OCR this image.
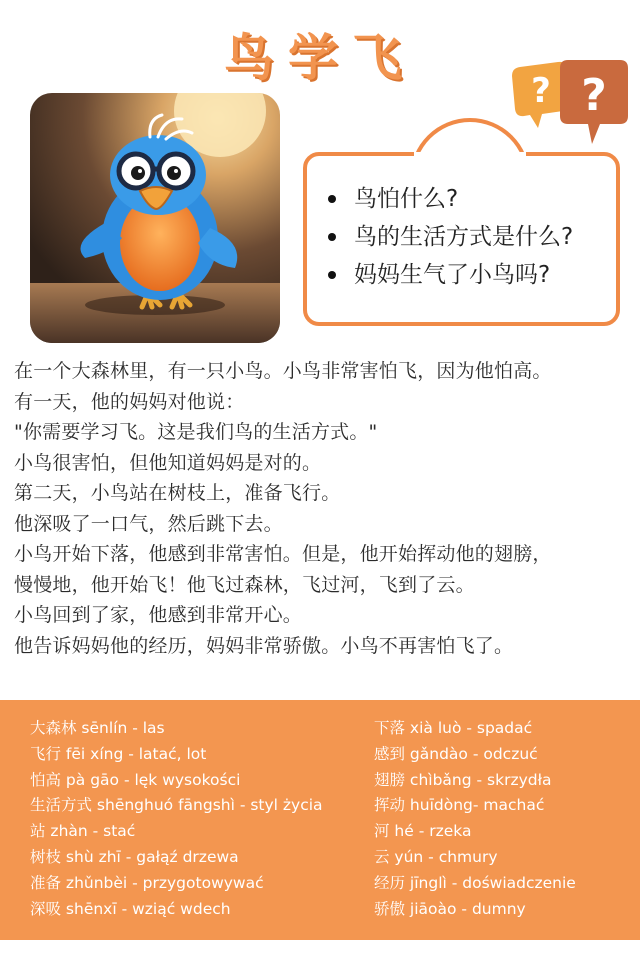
鸟学飞
? ?
鸟怕什么?
鸟的生活方式是什么?
妈妈生气了小鸟吗?

在一个大森林里，有一只小鸟。小鸟非常害怕飞，因为他怕高。

有一天，他的妈妈对他说：

"你需要学习飞。这是我们鸟的生活方式。"

小鸟很害怕，但他知道妈妈是对的。

第二天，小鸟站在树枝上，准备飞行。

他深吸了一口气，然后跳下去。

小鸟开始下落，他感到非常害怕。但是，他开始挥动他的翅膀，

慢慢地，他开始飞！他飞过森林，飞过河，飞到了云。

小鸟回到了家，他感到非常开心。

他告诉妈妈他的经历，妈妈非常骄傲。小鸟不再害怕飞了。

大森林 sēnlín - las
飞行 fēi xíng - latać, lot
怕高 pà gāo - lęk wysokości
生活方式 shēnghuó fāngshì - styl życia
站 zhàn - stać
树枝 shù zhī - gałąź drzewa
准备 zhǔnbèi - przygotowywać
深吸 shēnxī - wziąć wdech
下落 xià luò - spadać
感到 gǎndào - odczuć
翅膀 chìbǎng - skrzydła
挥动 huīdòng- machać
河 hé - rzeka
云 yún - chmury
经历 jīnglì - doświadczenie
骄傲 jiāoào - dumny
